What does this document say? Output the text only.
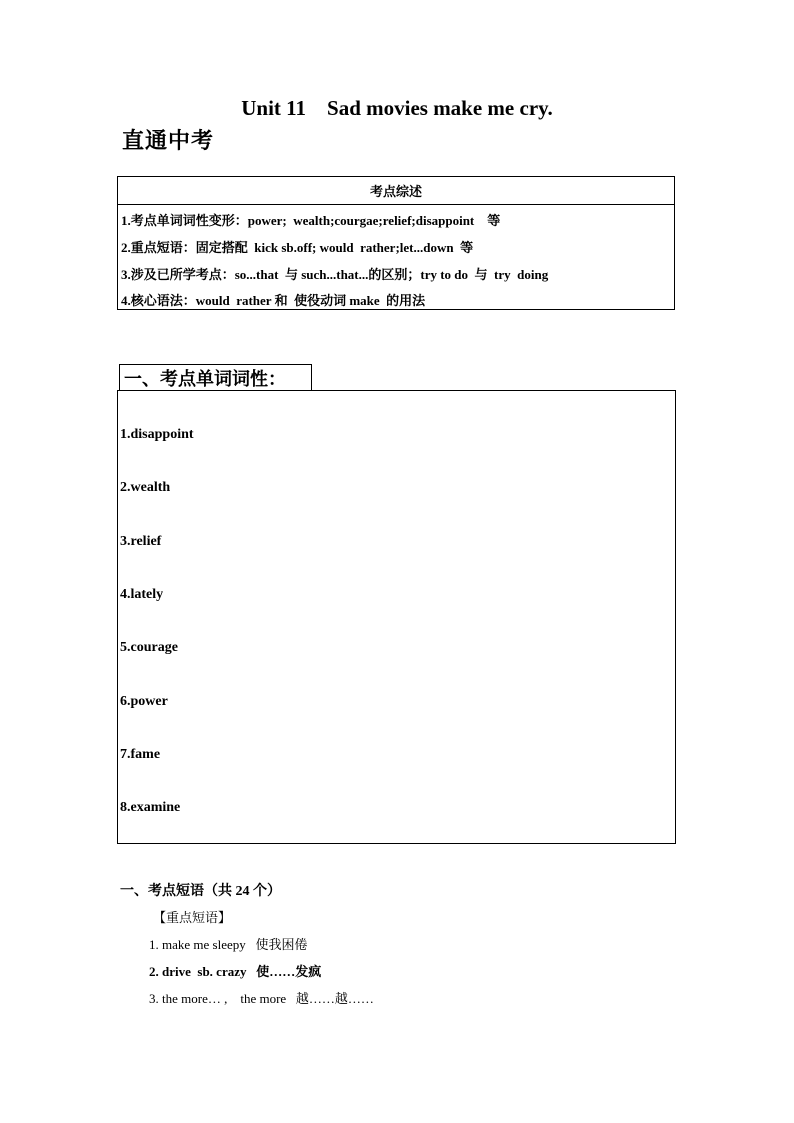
Unit 11    Sad movies make me cry.
直通中考
考点综述
1.考点单词词性变形：power;  wealth;courgae;relief;disappoint    等
2.重点短语：固定搭配  kick sb.off; would  rather;let...down  等
3.涉及已所学考点：so...that  与 such...that...的区别；try to do  与  try  doing
4.核心语法：would  rather 和  使役动词 make  的用法
一、考点单词词性：
1.disappoint
2.wealth
3.relief
4.lately
5.courage
6.power
7.fame
8.examine
一、考点短语（共 24 个）
【重点短语】
1. make me sleepy   使我困倦
2. drive  sb. crazy   使……发疯
3. the more… ,    the more   越……越……
